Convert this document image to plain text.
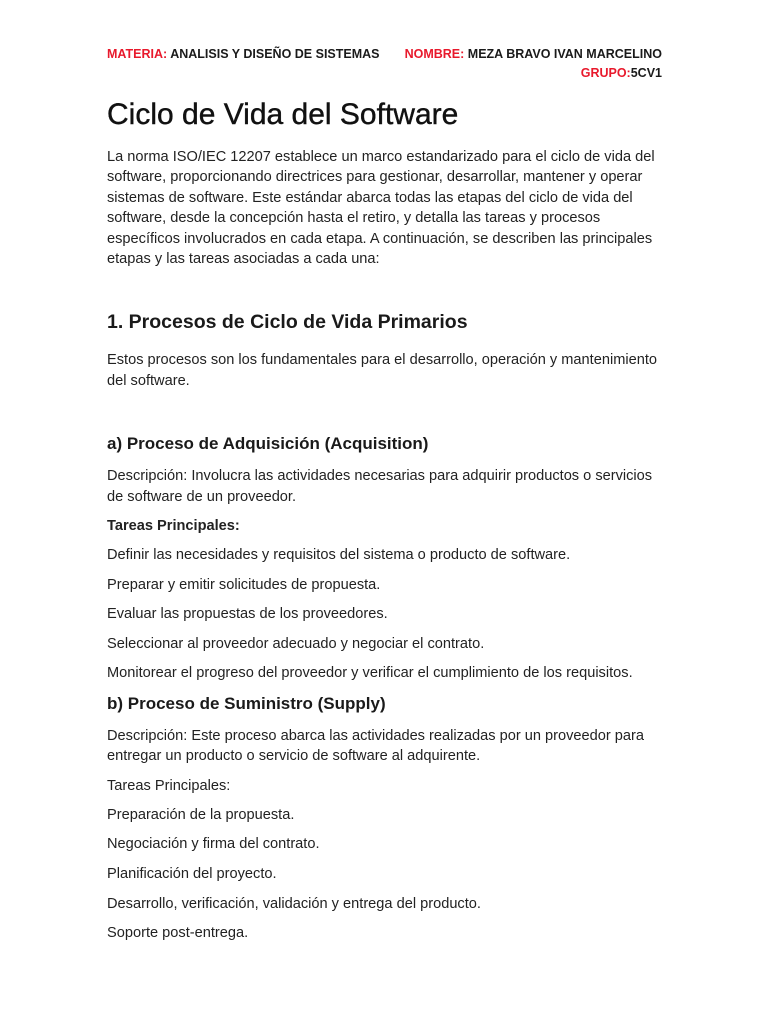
MATERIA: ANALISIS Y DISEÑO DE SISTEMAS NOMBRE: MEZA BRAVO IVAN MARCELINO
GRUPO:5CV1
Ciclo de Vida del Software

La norma ISO/IEC 12207 establece un marco estandarizado para el ciclo de vida del software, proporcionando directrices para gestionar, desarrollar, mantener y operar sistemas de software. Este estándar abarca todas las etapas del ciclo de vida del software, desde la concepción hasta el retiro, y detalla las tareas y procesos específicos involucrados en cada etapa. A continuación, se describen las principales etapas y las tareas asociadas a cada una:

1. Procesos de Ciclo de Vida Primarios

Estos procesos son los fundamentales para el desarrollo, operación y mantenimiento del software.

a) Proceso de Adquisición (Acquisition)

Descripción: Involucra las actividades necesarias para adquirir productos o servicios de software de un proveedor.

Tareas Principales:
Definir las necesidades y requisitos del sistema o producto de software.
Preparar y emitir solicitudes de propuesta.
Evaluar las propuestas de los proveedores.
Seleccionar al proveedor adecuado y negociar el contrato.
Monitorear el progreso del proveedor y verificar el cumplimiento de los requisitos.
b) Proceso de Suministro (Supply)

Descripción: Este proceso abarca las actividades realizadas por un proveedor para entregar un producto o servicio de software al adquirente.

Tareas Principales:
Preparación de la propuesta.
Negociación y firma del contrato.
Planificación del proyecto.
Desarrollo, verificación, validación y entrega del producto.
Soporte post-entrega.
